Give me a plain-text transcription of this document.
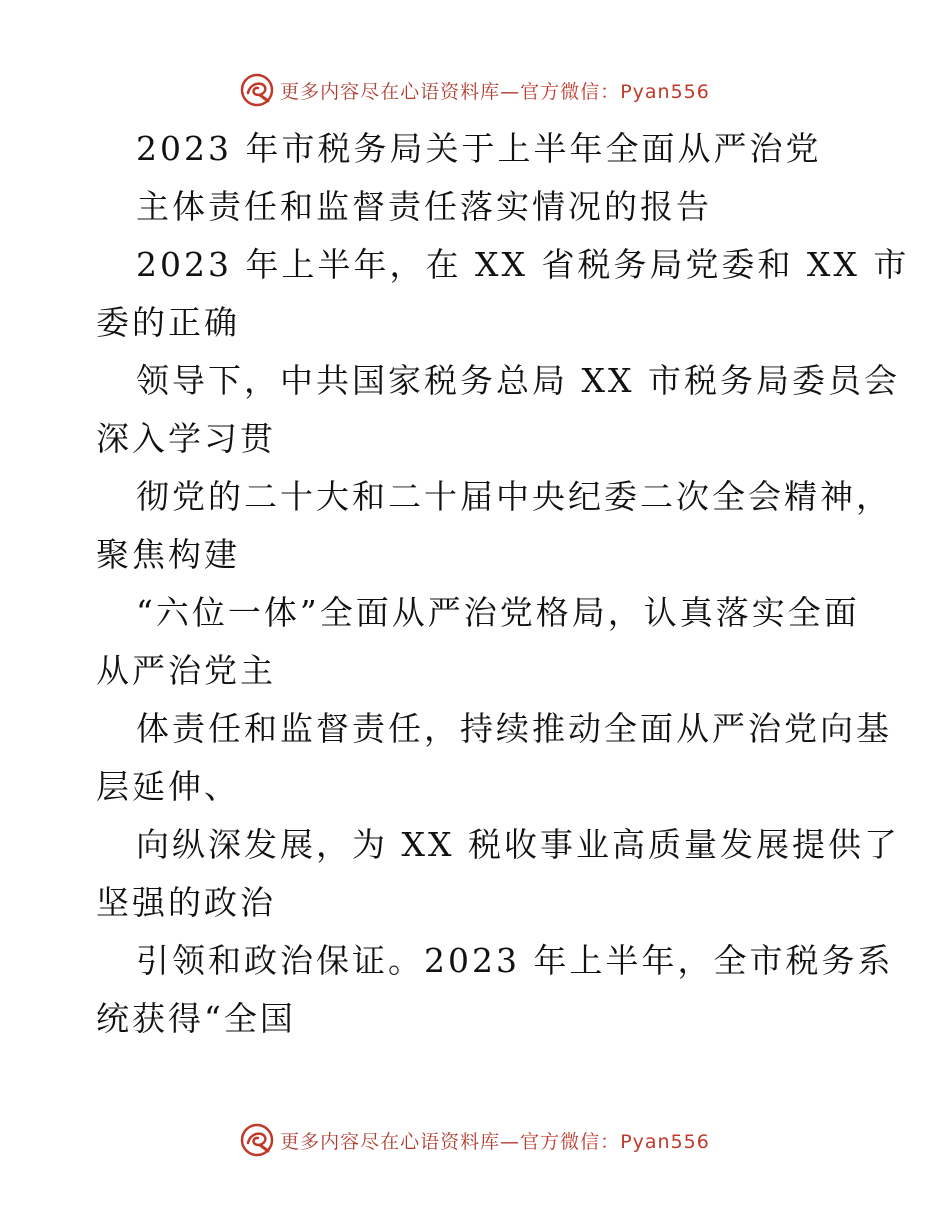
更多内容尽在心语资料库—官方微信：Pyan556
2023 年市税务局关于上半年全面从严治党
主体责任和监督责任落实情况的报告
2023 年上半年，在 XX 省税务局党委和 XX 市
委的正确
领导下，中共国家税务总局 XX 市税务局委员会
深入学习贯
彻党的二十大和二十届中央纪委二次全会精神，
聚焦构建
“六位一体”全面从严治党格局，认真落实全面
从严治党主
体责任和监督责任，持续推动全面从严治党向基
层延伸、
向纵深发展，为 XX 税收事业高质量发展提供了
坚强的政治
引领和政治保证。2023 年上半年，全市税务系
统获得“全国
更多内容尽在心语资料库—官方微信：Pyan556
